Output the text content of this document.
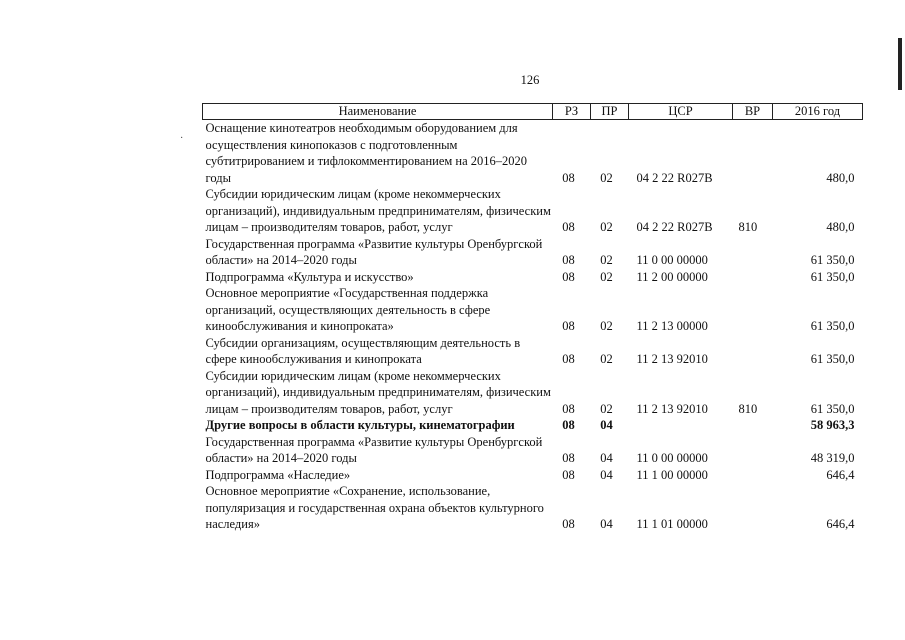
126
·
Наименование	РЗ	ПР	ЦСР	ВР	2016 год
Оснащение кинотеатров необходимым оборудованием для осуществления кинопоказов с подготовленным субтитрированием и тифлокомментированием на 2016–2020 годы	08	02	04 2 22 R027B		480,0
Субсидии юридическим лицам (кроме некоммерческих организаций), индивидуальным предпринимателям, физическим лицам – производителям товаров, работ, услуг	08	02	04 2 22 R027B	810	480,0
Государственная программа «Развитие культуры Оренбургской области» на 2014–2020 годы	08	02	11 0 00 00000		61 350,0
Подпрограмма «Культура и искусство»	08	02	11 2 00 00000		61 350,0
Основное мероприятие «Государственная поддержка организаций, осуществляющих деятельность в сфере кинообслуживания и кинопроката»	08	02	11 2 13 00000		61 350,0
Субсидии организациям, осуществляющим деятельность в сфере кинообслуживания и кинопроката	08	02	11 2 13 92010		61 350,0
Субсидии юридическим лицам (кроме некоммерческих организаций), индивидуальным предпринимателям, физическим лицам – производителям товаров, работ, услуг	08	02	11 2 13 92010	810	61 350,0
Другие вопросы в области культуры, кинематографии	08	04			58 963,3
Государственная программа «Развитие культуры Оренбургской области» на 2014–2020 годы	08	04	11 0 00 00000		48 319,0
Подпрограмма «Наследие»	08	04	11 1 00 00000		646,4
Основное мероприятие «Сохранение, использование, популяризация и государственная охрана объектов культурного наследия»	08	04	11 1 01 00000		646,4
